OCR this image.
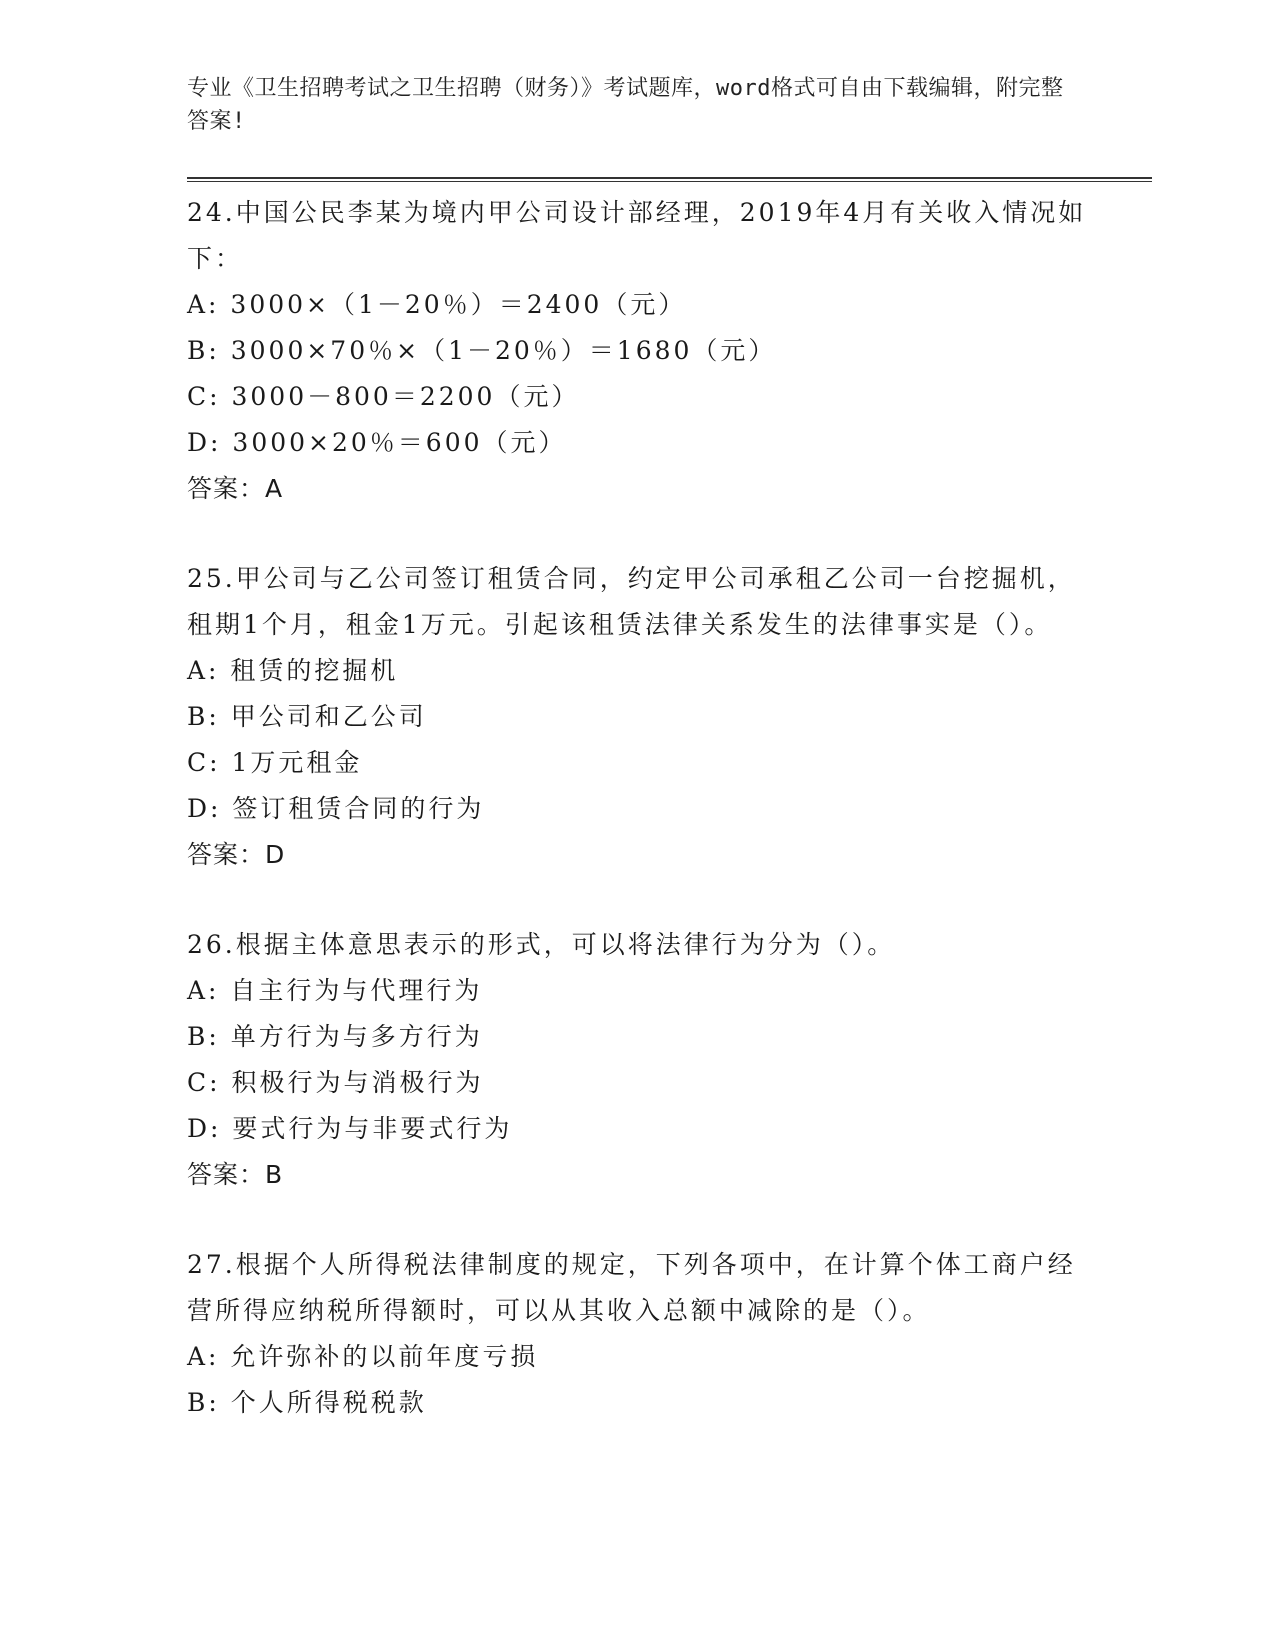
专业《卫生招聘考试之卫生招聘（财务）》考试题库，word格式可自由下载编辑，附完整答案!

24.中国公民李某为境内甲公司设计部经理，2019年4月有关收入情况如下：

A: 3000×（1－20％）＝2400（元）

B: 3000×70％×（1－20％）＝1680（元）

C: 3000－800＝2200（元）

D: 3000×20％＝600（元）

答案：A

25.甲公司与乙公司签订租赁合同，约定甲公司承租乙公司一台挖掘机，租期1个月，租金1万元。引起该租赁法律关系发生的法律事实是（）。

A: 租赁的挖掘机

B: 甲公司和乙公司

C: 1万元租金

D: 签订租赁合同的行为

答案：D

26.根据主体意思表示的形式，可以将法律行为分为（）。

A: 自主行为与代理行为

B: 单方行为与多方行为

C: 积极行为与消极行为

D: 要式行为与非要式行为

答案：B

27.根据个人所得税法律制度的规定，下列各项中，在计算个体工商户经营所得应纳税所得额时，可以从其收入总额中减除的是（）。

A: 允许弥补的以前年度亏损

B: 个人所得税税款
